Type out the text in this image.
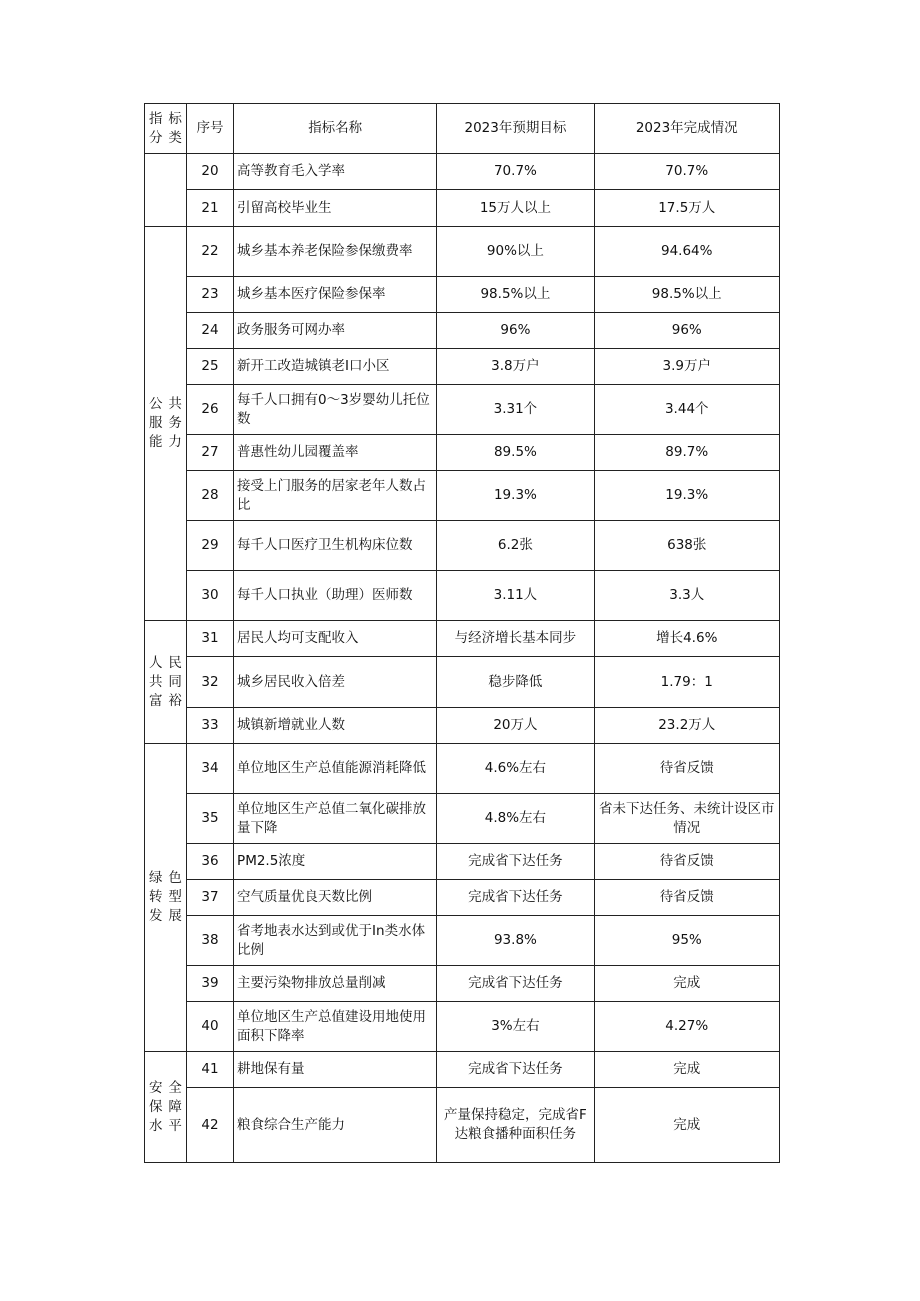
指标分类	序号	指标名称	2023年预期目标	2023年完成情况
	20	高等教育毛入学率	70.7%	70.7%
	21	引留高校毕业生	15万人以上	17.5万人
公共服务能力	22	城乡基本养老保险参保缴费率	90%以上	94.64%
	23	城乡基本医疗保险参保率	98.5%以上	98.5%以上
	24	政务服务可网办率	96%	96%
	25	新开工改造城镇老I口小区	3.8万户	3.9万户
	26	每千人口拥有0～3岁婴幼儿托位数	3.31个	3.44个
	27	普惠性幼儿园覆盖率	89.5%	89.7%
	28	接受上门服务的居家老年人数占比	19.3%	19.3%
	29	每千人口医疗卫生机构床位数	6.2张	638张
	30	每千人口执业（助理）医师数	3.11人	3.3人
人民共同富裕	31	居民人均可支配收入	与经济增长基本同步	增长4.6%
	32	城乡居民收入倍差	稳步降低	1.79：1
	33	城镇新增就业人数	20万人	23.2万人
绿色转型发展	34	单位地区生产总值能源消耗降低	4.6%左右	待省反馈
	35	单位地区生产总值二氧化碳排放量下降	4.8%左右	省未下达任务、未统计设区市情况
	36	PM2.5浓度	完成省下达任务	待省反馈
	37	空气质量优良天数比例	完成省下达任务	待省反馈
	38	省考地表水达到或优于In类水体比例	93.8%	95%
	39	主要污染物排放总量削减	完成省下达任务	完成
	40	单位地区生产总值建设用地使用面积下降率	3%左右	4.27%
安全保障水平	41	耕地保有量	完成省下达任务	完成
	42	粮食综合生产能力	产量保持稳定，完成省F达粮食播种面积任务	完成
